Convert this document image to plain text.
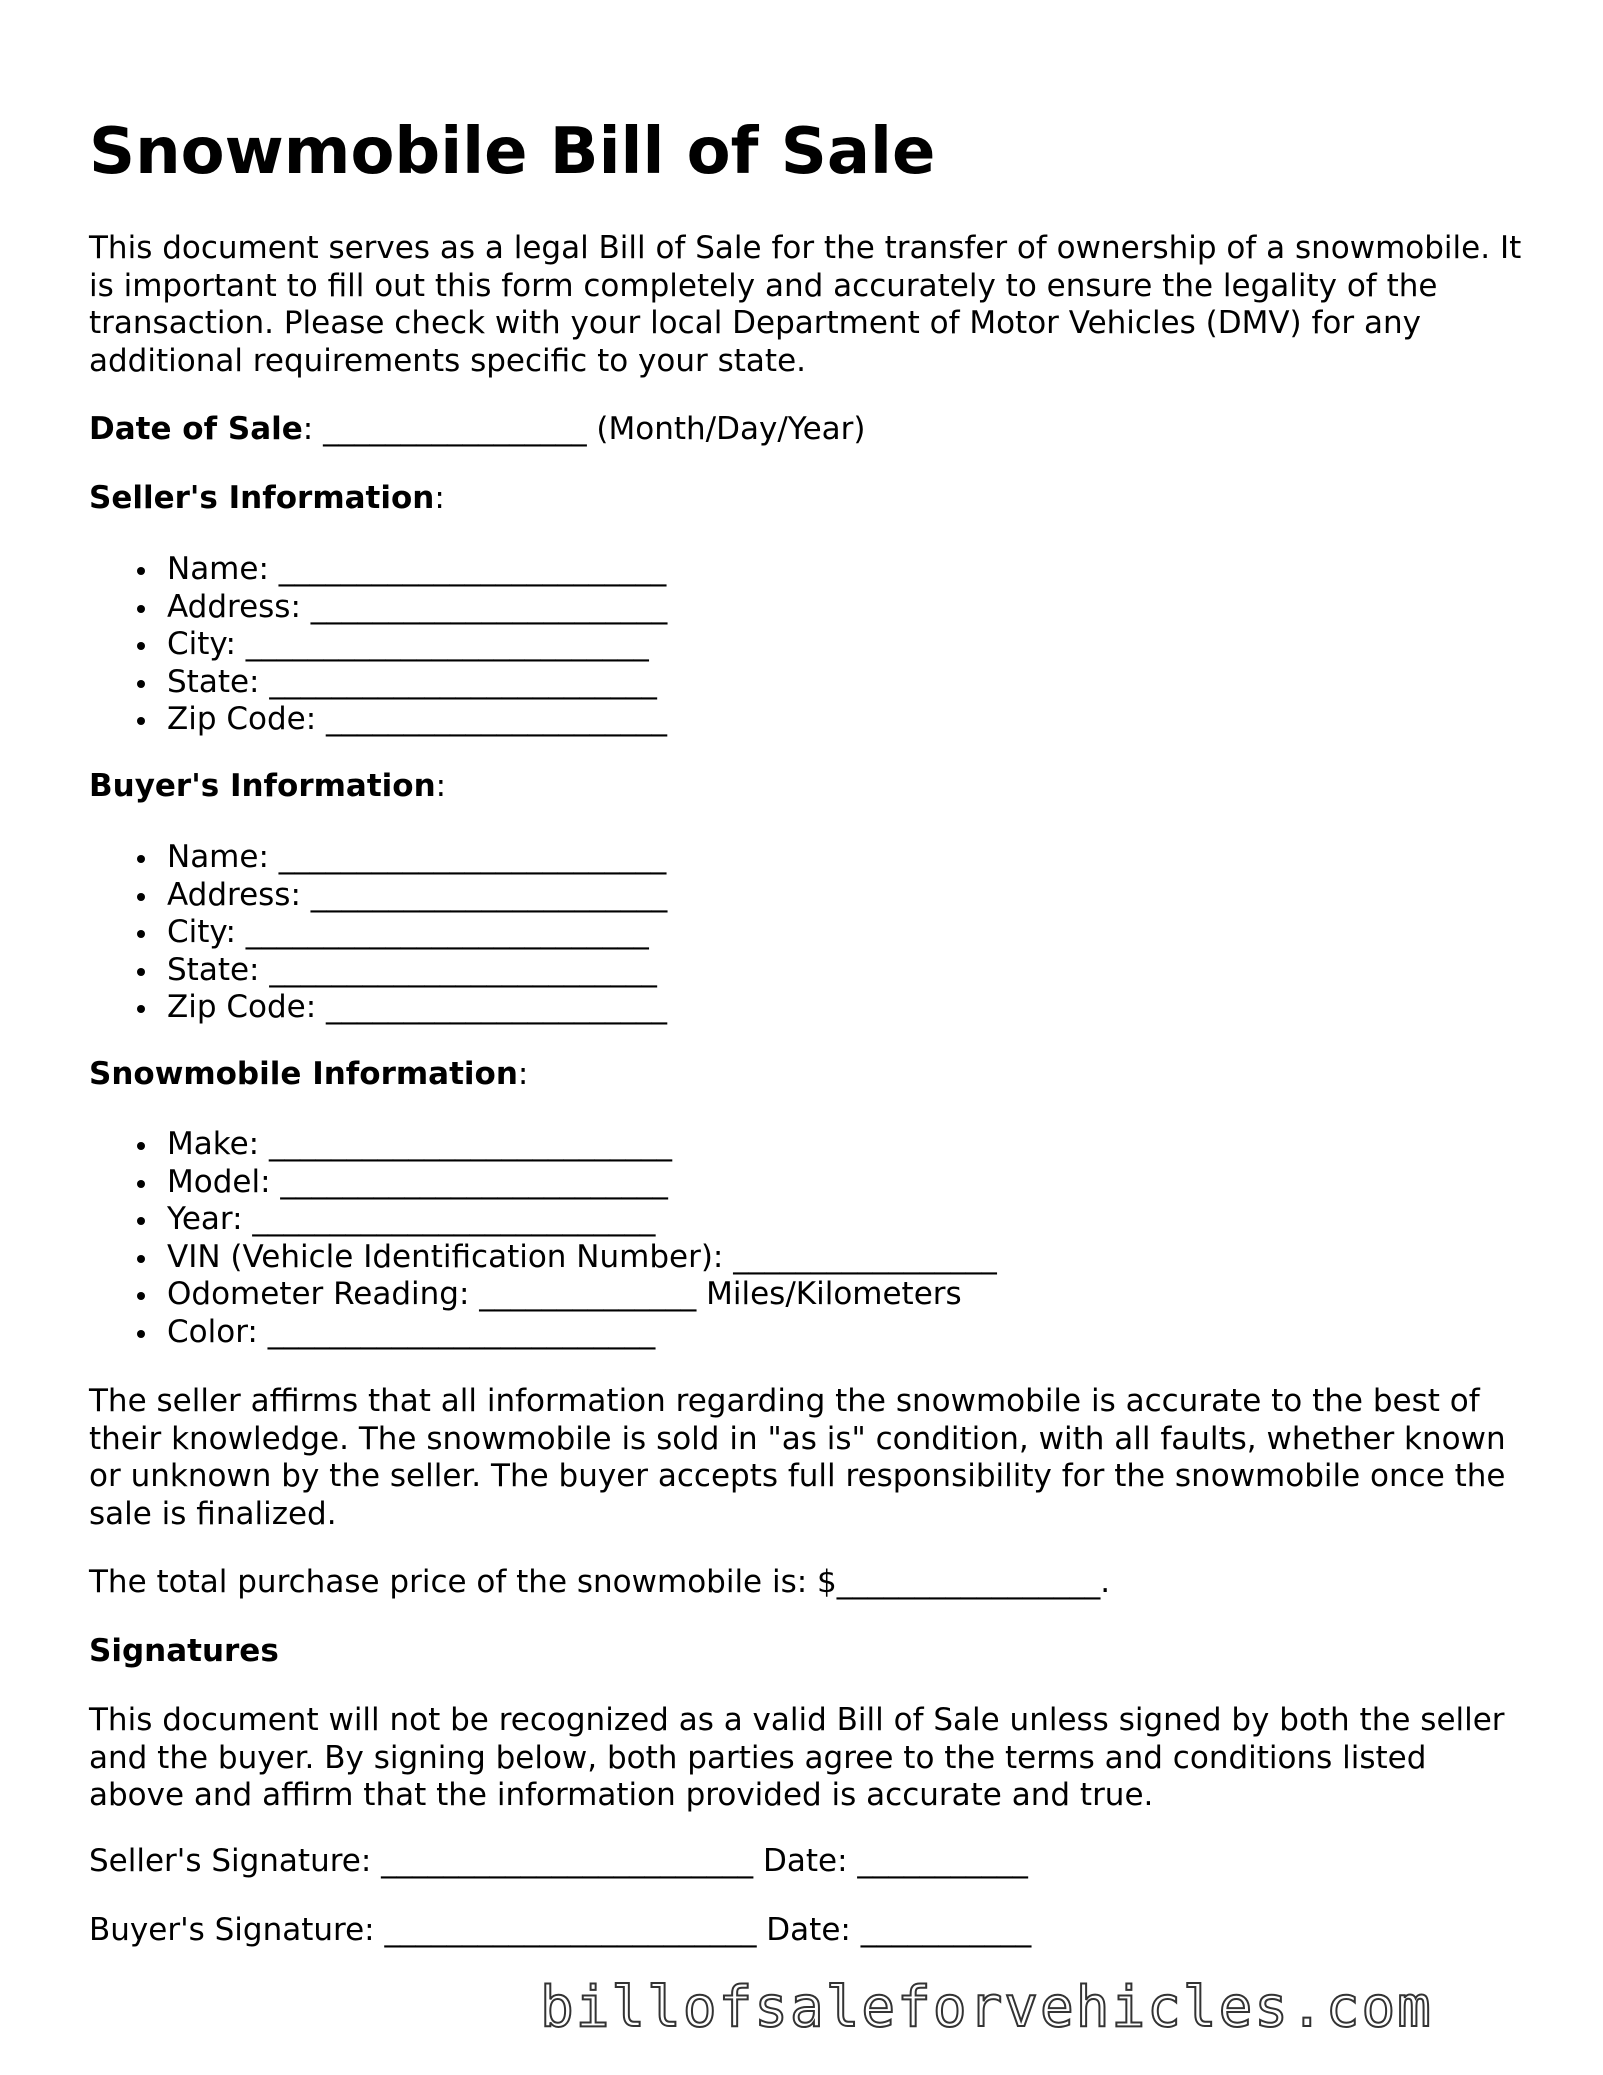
Snowmobile Bill of Sale

This document serves as a legal Bill of Sale for the transfer of ownership of a snowmobile. It is important to fill out this form completely and accurately to ensure the legality of the transaction. Please check with your local Department of Motor Vehicles (DMV) for any additional requirements specific to your state.

Date of Sale: _________________ (Month/Day/Year)

Seller's Information:

Name: _________________________
Address: _______________________
City: __________________________
State: _________________________
Zip Code: ______________________

Buyer's Information:

Name: _________________________
Address: _______________________
City: __________________________
State: _________________________
Zip Code: ______________________

Snowmobile Information:

Make: __________________________
Model: _________________________
Year: __________________________
VIN (Vehicle Identification Number): _________________
Odometer Reading: ______________ Miles/Kilometers
Color: _________________________

The seller affirms that all information regarding the snowmobile is accurate to the best of their knowledge. The snowmobile is sold in "as is" condition, with all faults, whether known or unknown by the seller. The buyer accepts full responsibility for the snowmobile once the sale is finalized.

The total purchase price of the snowmobile is: $_________________.

Signatures

This document will not be recognized as a valid Bill of Sale unless signed by both the seller and the buyer. By signing below, both parties agree to the terms and conditions listed above and affirm that the information provided is accurate and true.

Seller's Signature: ________________________ Date: ___________

Buyer's Signature: ________________________ Date: ___________

billofsaleforvehicles.com
